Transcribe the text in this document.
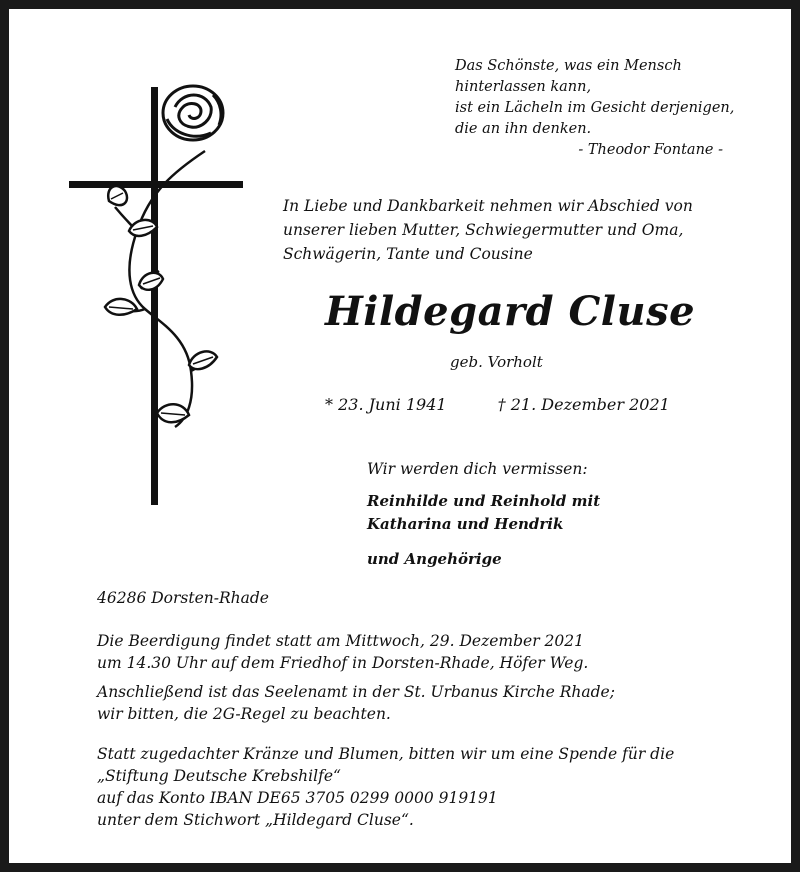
Das Schönste, was ein Mensch
hinterlassen kann,
ist ein Lächeln im Gesicht derjenigen,
die an ihn denken.
- Theodor Fontane -
In Liebe und Dankbarkeit nehmen wir Abschied von
unserer lieben Mutter, Schwiegermutter und Oma,
Schwägerin, Tante und Cousine
Hildegard Cluse
geb. Vorholt
* 23. Juni 1941	† 21. Dezember 2021
Wir werden dich vermissen:
Reinhilde und Reinhold mit
Katharina und Hendrik
und Angehörige
46286 Dorsten-Rhade
Die Beerdigung findet statt am Mittwoch, 29. Dezember 2021
um 14.30 Uhr auf dem Friedhof in Dorsten-Rhade, Höfer Weg.
Anschließend ist das Seelenamt in der St. Urbanus Kirche Rhade;
wir bitten, die 2G-Regel zu beachten.
Statt zugedachter Kränze und Blumen, bitten wir um eine Spende für die
„Stiftung Deutsche Krebshilfe“
auf das Konto IBAN DE65 3705 0299 0000 919191
unter dem Stichwort „Hildegard Cluse“.
